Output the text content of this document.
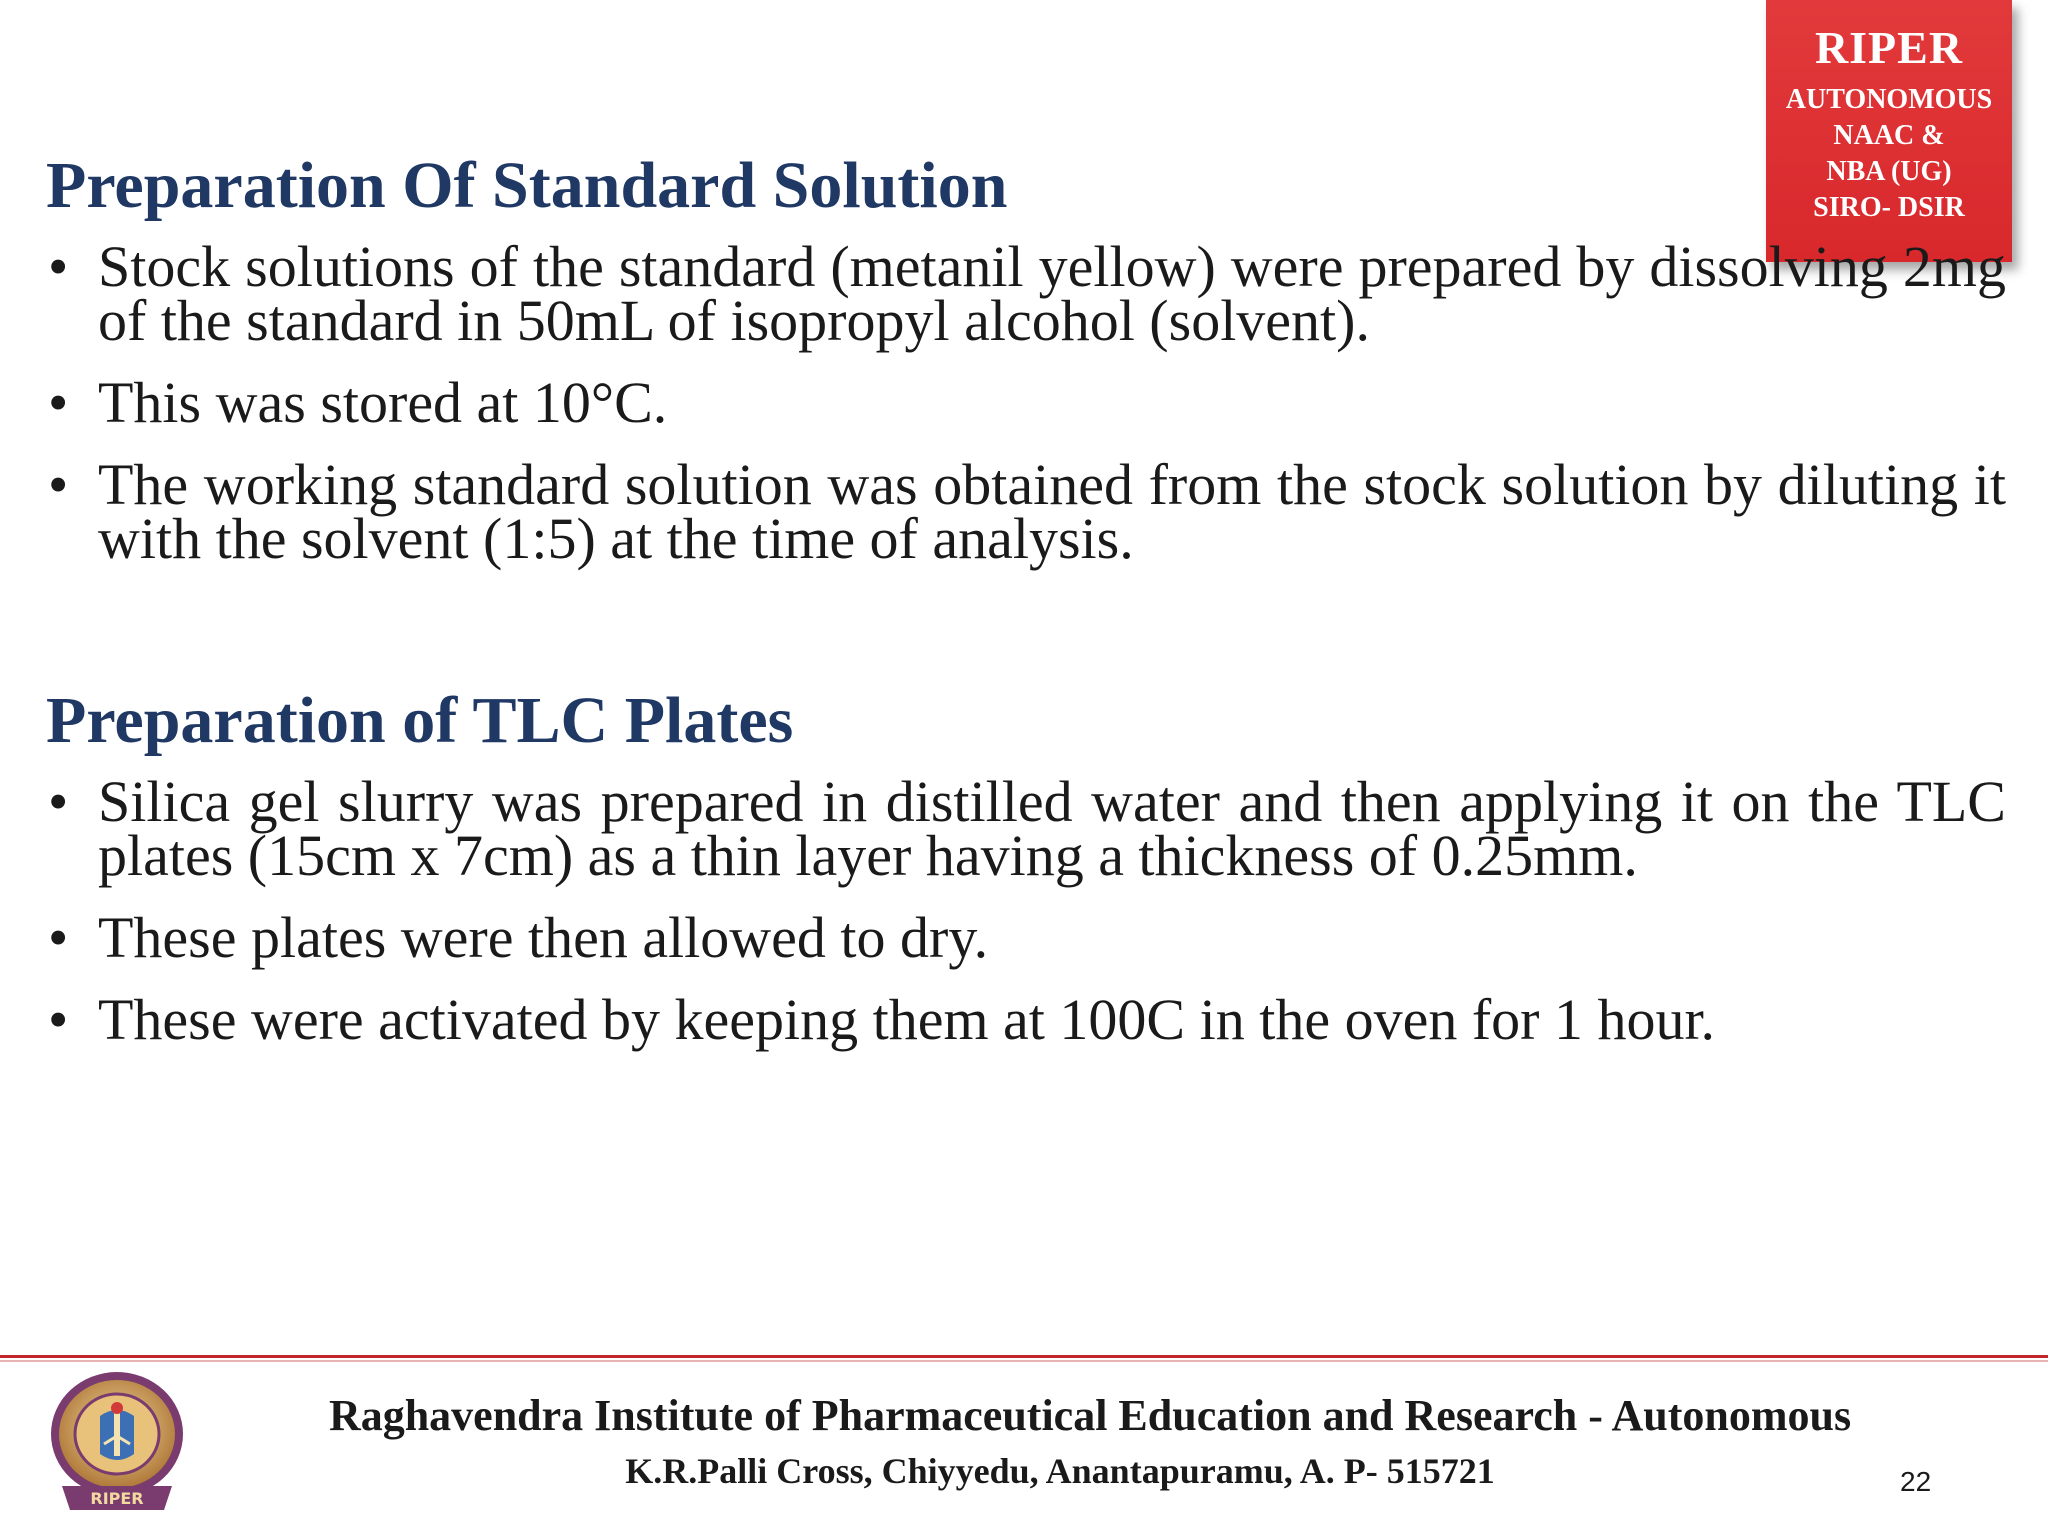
RIPER
AUTONOMOUS
NAAC &
NBA (UG)
SIRO- DSIR
Preparation Of Standard Solution
• Stock solutions of the standard (metanil yellow) were prepared by dissolving 2mg of the standard in 50mL of isopropyl alcohol (solvent).
• This was stored at 10°C.
• The working standard solution was obtained from the stock solution by diluting it with the solvent (1:5) at the time of analysis.
Preparation of TLC Plates
• Silica gel slurry was prepared in distilled water and then applying it on the TLC plates (15cm x 7cm) as a thin layer having a thickness of 0.25mm.
• These plates were then allowed to dry.
• These were activated by keeping them at 100C in the oven for 1 hour.
RIPER
Raghavendra Institute of Pharmaceutical Education and Research - Autonomous
K.R.Palli Cross, Chiyyedu, Anantapuramu, A. P- 515721	22
